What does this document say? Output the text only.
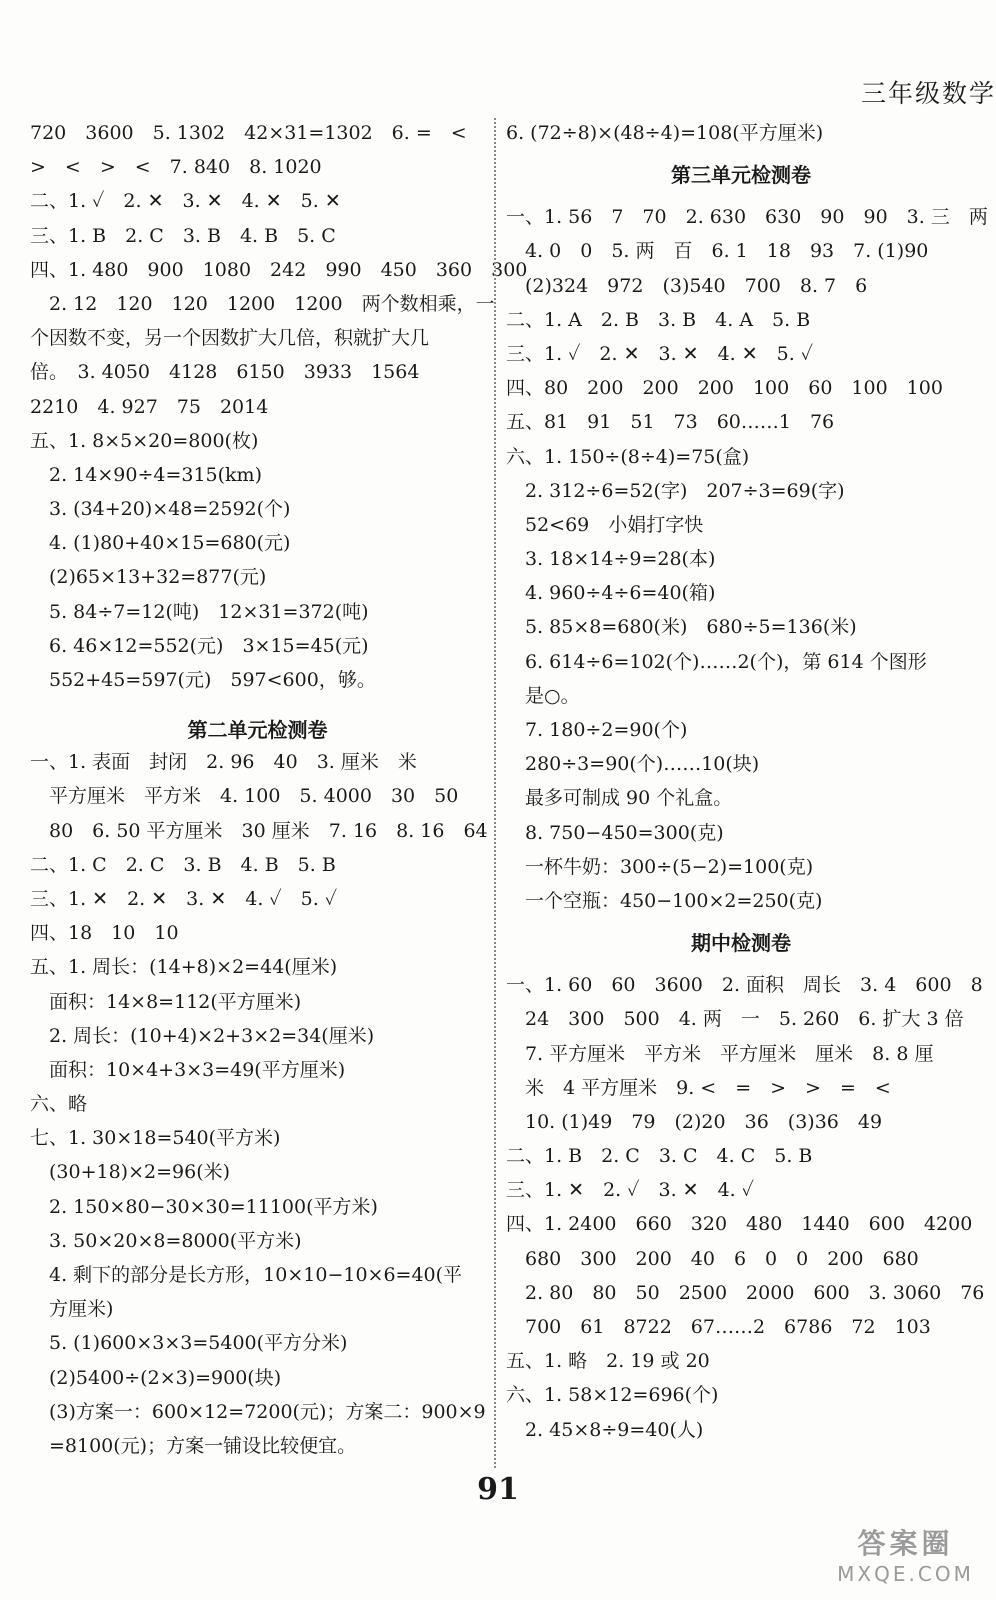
三年级数学
720　3600　5. 1302　42×31=1302　6. =　<
>　<　>　<　7. 840　8. 1020
二、1. ✓　2. ✕　3. ✕　4. ✕　5. ✕
三、1. B　2. C　3. B　4. B　5. C
四、1. 480　900　1080　242　990　450　360　300
　2. 12　120　120　1200　1200　两个数相乘，一
个因数不变，另一个因数扩大几倍，积就扩大几
倍。　3. 4050　4128　6150　3933　1564
2210　4. 927　75　2014
五、1. 8×5×20=800(枚)
　2. 14×90÷4=315(km)
　3. (34+20)×48=2592(个)
　4. (1)80+40×15=680(元)
　(2)65×13+32=877(元)
　5. 84÷7=12(吨)　12×31=372(吨)
　6. 46×12=552(元)　3×15=45(元)
　552+45=597(元)　597<600，够。
第二单元检测卷
一、1. 表面　封闭　2. 96　40　3. 厘米　米
　平方厘米　平方米　4. 100　5. 4000　30　50
　80　6. 50 平方厘米　30 厘米　7. 16　8. 16　64
二、1. C　2. C　3. B　4. B　5. B
三、1. ✕　2. ✕　3. ✕　4. ✓　5. ✓
四、18　10　10
五、1. 周长：(14+8)×2=44(厘米)
　面积：14×8=112(平方厘米)
　2. 周长：(10+4)×2+3×2=34(厘米)
　面积：10×4+3×3=49(平方厘米)
六、略
七、1. 30×18=540(平方米)
　(30+18)×2=96(米)
　2. 150×80−30×30=11100(平方米)
　3. 50×20×8=8000(平方米)
　4. 剩下的部分是长方形，10×10−10×6=40(平
　方厘米)
　5. (1)600×3×3=5400(平方分米)
　(2)5400÷(2×3)=900(块)
　(3)方案一：600×12=7200(元)；方案二：900×9
　=8100(元)；方案一铺设比较便宜。
6. (72÷8)×(48÷4)=108(平方厘米)
第三单元检测卷
一、1. 56　7　70　2. 630　630　90　90　3. 三　两
　4. 0　0　5. 两　百　6. 1　18　93　7. (1)90
　(2)324　972　(3)540　700　8. 7　6
二、1. A　2. B　3. B　4. A　5. B
三、1. ✓　2. ✕　3. ✕　4. ✕　5. ✓
四、80　200　200　200　100　60　100　100
五、81　91　51　73　60……1　76
六、1. 150÷(8÷4)=75(盒)
　2. 312÷6=52(字)　207÷3=69(字)
　52<69　小娟打字快
　3. 18×14÷9=28(本)
　4. 960÷4÷6=40(箱)
　5. 85×8=680(米)　680÷5=136(米)
　6. 614÷6=102(个)……2(个)，第 614 个图形
　是○。
　7. 180÷2=90(个)
　280÷3=90(个)……10(块)
　最多可制成 90 个礼盒。
　8. 750−450=300(克)
　一杯牛奶：300÷(5−2)=100(克)
　一个空瓶：450−100×2=250(克)
期中检测卷
一、1. 60　60　3600　2. 面积　周长　3. 4　600　8
　24　300　500　4. 两　一　5. 260　6. 扩大 3 倍
　7. 平方厘米　平方米　平方厘米　厘米　8. 8 厘
　米　4 平方厘米　9. <　=　>　>　=　<
　10. (1)49　79　(2)20　36　(3)36　49
二、1. B　2. C　3. C　4. C　5. B
三、1. ✕　2. ✓　3. ✕　4. ✓
四、1. 2400　660　320　480　1440　600　4200
　680　300　200　40　6　0　0　200　680
　2. 80　80　50　2500　2000　600　3. 3060　76
　700　61　8722　67……2　6786　72　103
五、1. 略　2. 19 或 20
六、1. 58×12=696(个)
　2. 45×8÷9=40(人)
91
答案圈
MXQE.COM
